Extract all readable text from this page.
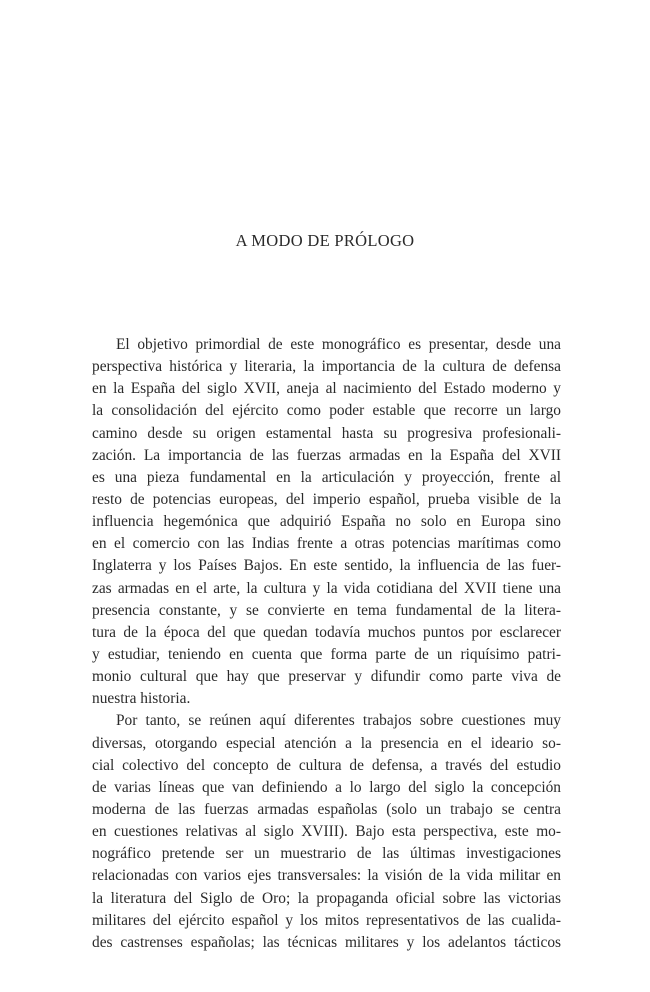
A MODO DE PRÓLOGO
El objetivo primordial de este monográfico es presentar, desde una
perspectiva histórica y literaria, la importancia de la cultura de defensa
en la España del siglo XVII, aneja al nacimiento del Estado moderno y
la consolidación del ejército como poder estable que recorre un largo
camino desde su origen estamental hasta su progresiva profesionali-
zación. La importancia de las fuerzas armadas en la España del XVII
es una pieza fundamental en la articulación y proyección, frente al
resto de potencias europeas, del imperio español, prueba visible de la
influencia hegemónica que adquirió España no solo en Europa sino
en el comercio con las Indias frente a otras potencias marítimas como
Inglaterra y los Países Bajos. En este sentido, la influencia de las fuer-
zas armadas en el arte, la cultura y la vida cotidiana del XVII tiene una
presencia constante, y se convierte en tema fundamental de la litera-
tura de la época del que quedan todavía muchos puntos por esclarecer
y estudiar, teniendo en cuenta que forma parte de un riquísimo patri-
monio cultural que hay que preservar y difundir como parte viva de
nuestra historia.
Por tanto, se reúnen aquí diferentes trabajos sobre cuestiones muy
diversas, otorgando especial atención a la presencia en el ideario so-
cial colectivo del concepto de cultura de defensa, a través del estudio
de varias líneas que van definiendo a lo largo del siglo la concepción
moderna de las fuerzas armadas españolas (solo un trabajo se centra
en cuestiones relativas al siglo XVIII). Bajo esta perspectiva, este mo-
nográfico pretende ser un muestrario de las últimas investigaciones
relacionadas con varios ejes transversales: la visión de la vida militar en
la literatura del Siglo de Oro; la propaganda oficial sobre las victorias
militares del ejército español y los mitos representativos de las cualida-
des castrenses españolas; las técnicas militares y los adelantos tácticos
